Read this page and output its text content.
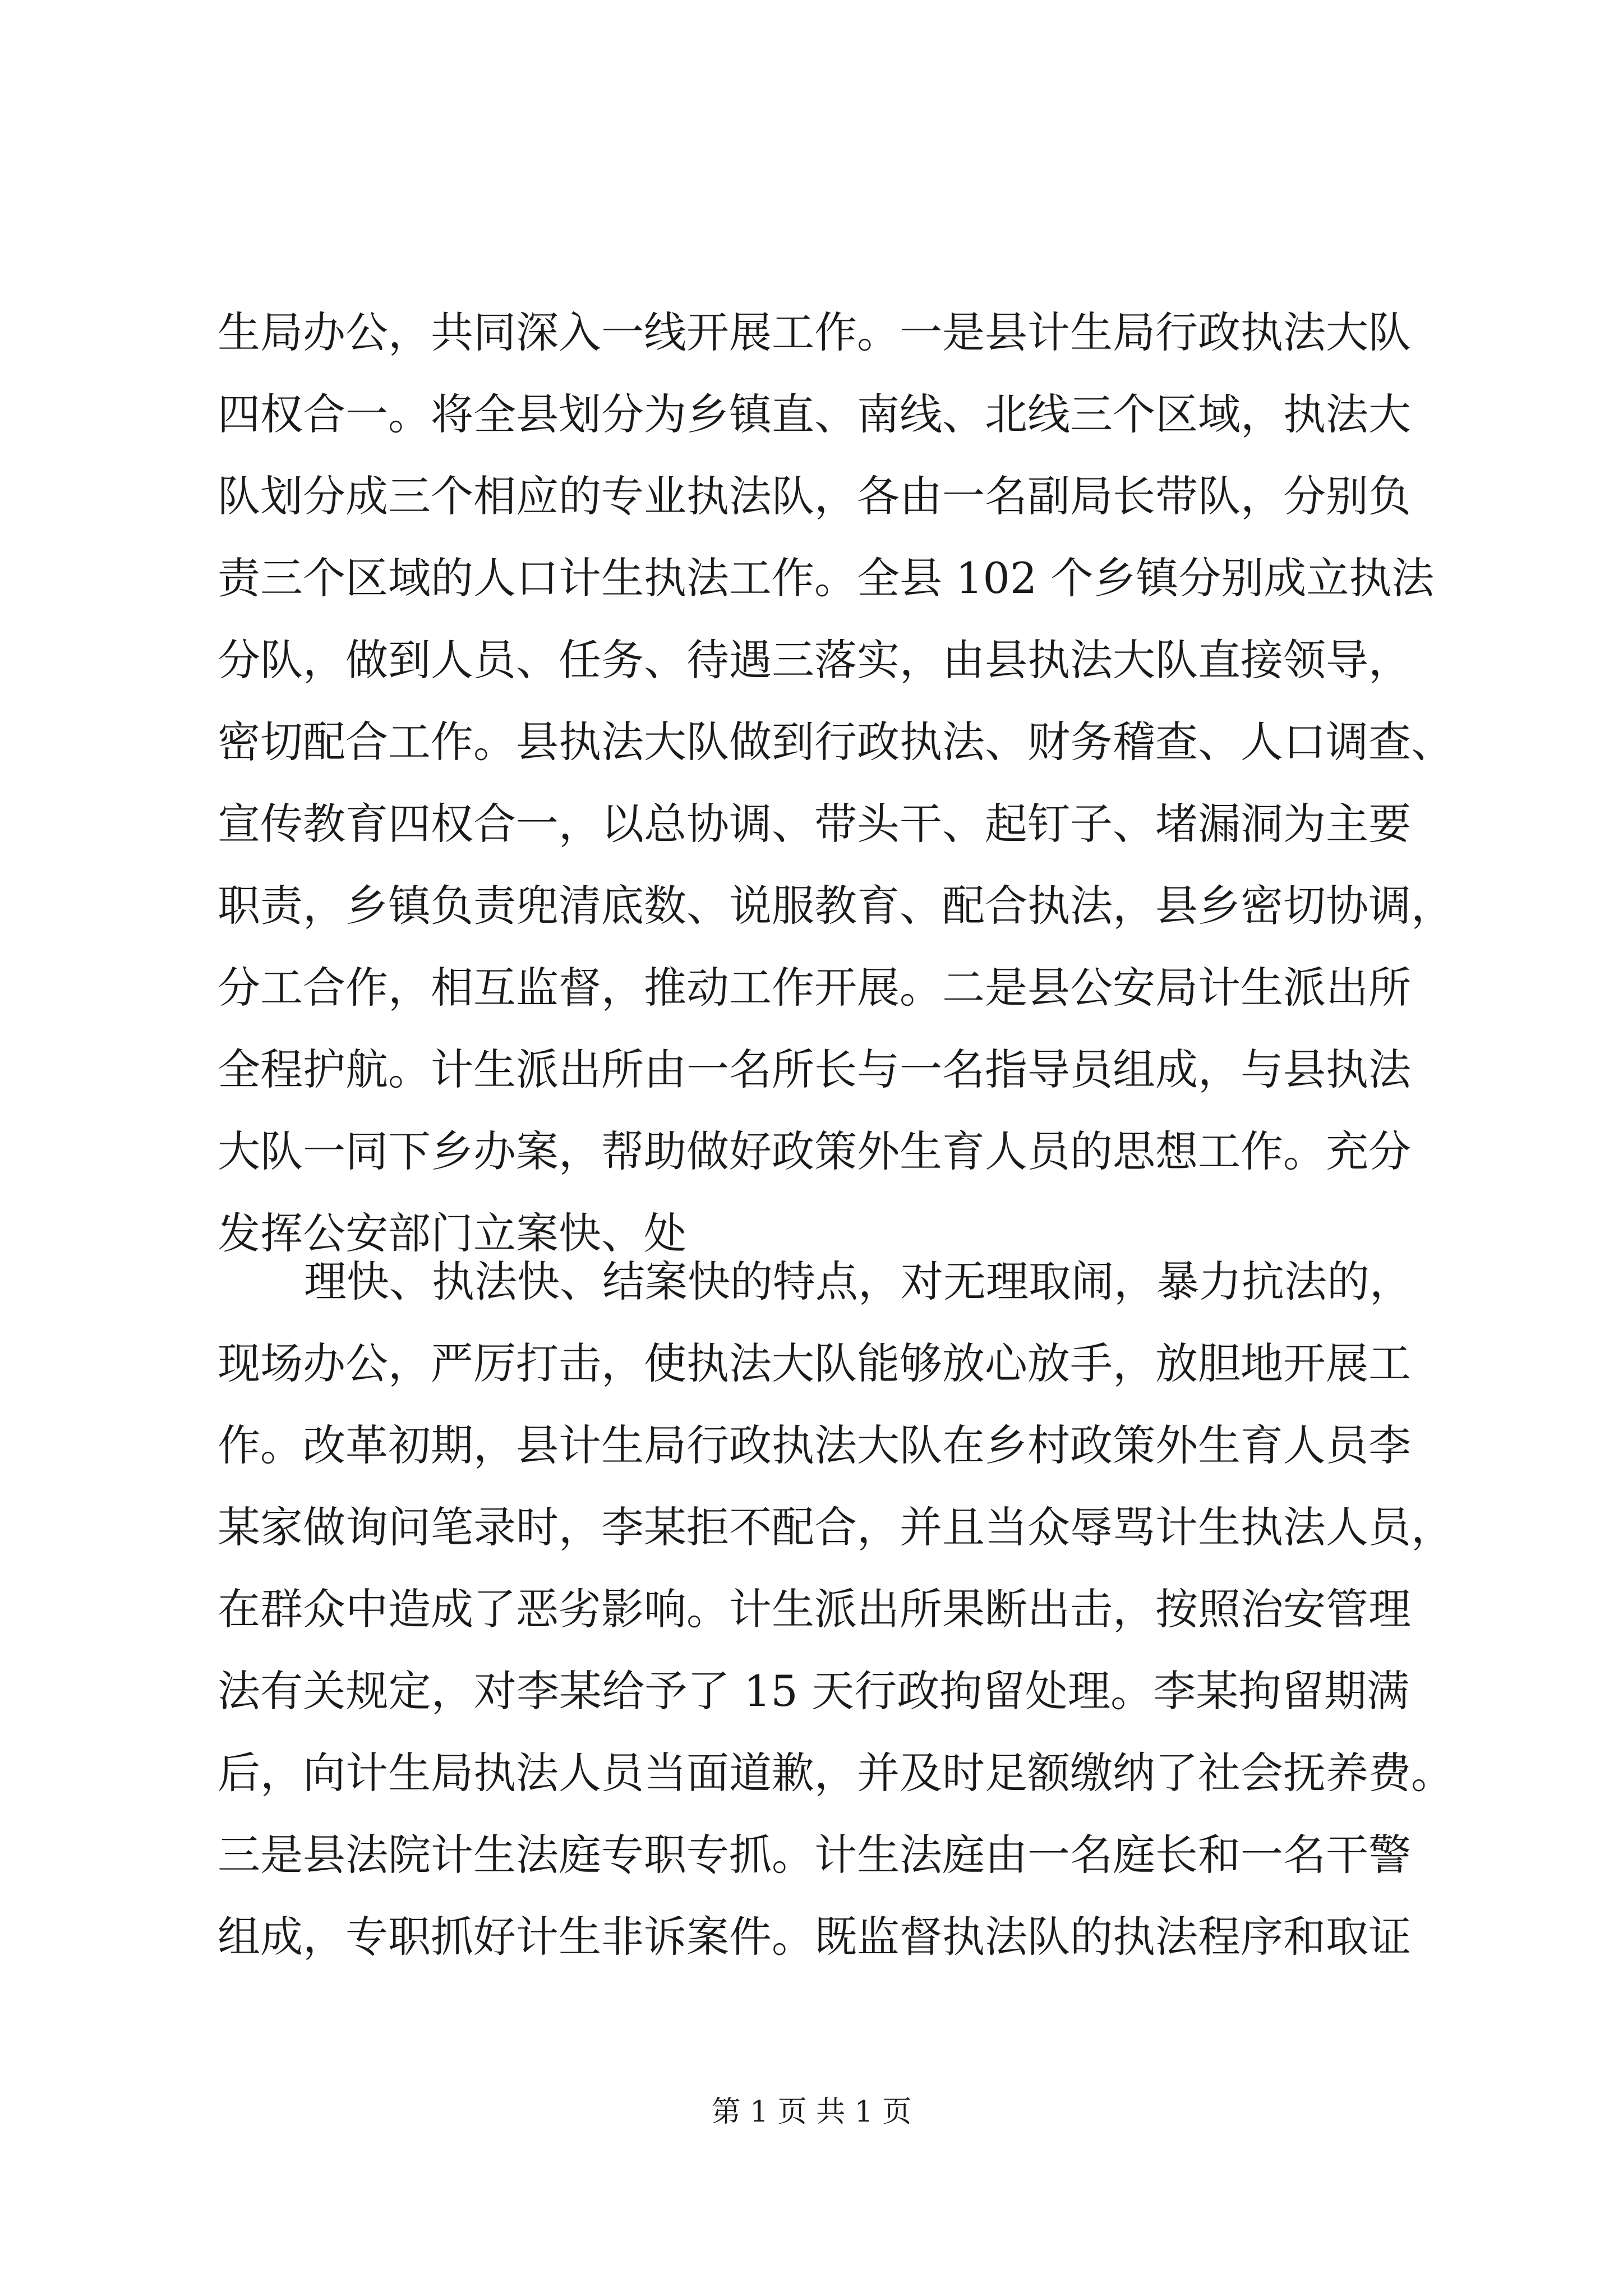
生局办公，共同深入一线开展工作。一是县计生局行政执法大队
四权合一。将全县划分为乡镇直、南线、北线三个区域，执法大
队划分成三个相应的专业执法队，各由一名副局长带队，分别负
责三个区域的人口计生执法工作。全县 102 个乡镇分别成立执法
分队，做到人员、任务、待遇三落实，由县执法大队直接领导，
密切配合工作。县执法大队做到行政执法、财务稽查、人口调查、
宣传教育四权合一，以总协调、带头干、起钉子、堵漏洞为主要
职责，乡镇负责兜清底数、说服教育、配合执法，县乡密切协调，
分工合作，相互监督，推动工作开展。二是县公安局计生派出所
全程护航。计生派出所由一名所长与一名指导员组成，与县执法
大队一同下乡办案，帮助做好政策外生育人员的思想工作。充分
发挥公安部门立案快、处
理快、执法快、结案快的特点，对无理取闹，暴力抗法的，
现场办公，严厉打击，使执法大队能够放心放手，放胆地开展工
作。改革初期，县计生局行政执法大队在乡村政策外生育人员李
某家做询问笔录时，李某拒不配合，并且当众辱骂计生执法人员，
在群众中造成了恶劣影响。计生派出所果断出击，按照治安管理
法有关规定，对李某给予了 15 天行政拘留处理。李某拘留期满
后，向计生局执法人员当面道歉，并及时足额缴纳了社会抚养费。
三是县法院计生法庭专职专抓。计生法庭由一名庭长和一名干警
组成，专职抓好计生非诉案件。既监督执法队的执法程序和取证
第 1 页 共 1 页
